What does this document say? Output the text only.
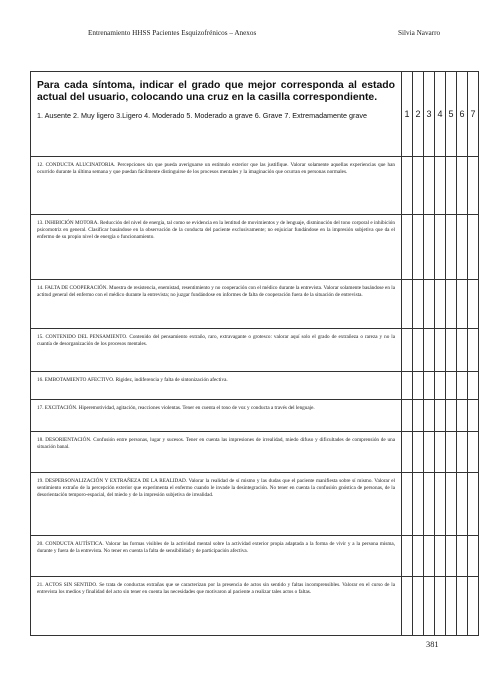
Entrenamiento HHSS Pacientes Esquizofrénicos – Anexos	Silvia Navarro
Para cada síntoma, indicar el grado que mejor corresponda al estado actual del usuario, colocando una cruz en la casilla correspondiente.
1. Ausente 2. Muy ligero 3.Ligero 4. Moderado 5. Moderado a grave 6. Grave 7. Extremadamente grave	1	2	3	4	5	6	7
12. CONDUCTA ALUCINATORIA. Percepciones sin que pueda averiguarse un estímulo exterior que las justifique. Valorar solamente aquellas experiencias que han ocurrido durante la última semana y que puedan fácilmente distinguirse de los procesos mentales y la imaginación que ocurran en personas normales.							
13. INHIBICIÓN MOTORA. Reducción del nivel de energía, tal como se evidencia en la lentitud de movimientos y de lenguaje, disminución del tono corporal e inhibición psicomotriz en general. Clasificar basándose en la observación de la conducta del paciente exclusivamente; no enjuiciar fundándose en la impresión subjetiva que da el enfermo de su propio nivel de energía o funcionamiento.							
14. FALTA DE COOPERACIÓN. Muestra de resistencia, enemistad, resentimiento y no cooperación con el médico durante la entrevista. Valorar solamente basándose en la actitud general del enfermo con el médico durante la entrevista; no juzgar fundándose en informes de falta de cooperación fuera de la situación de entrevista.							
15. CONTENIDO DEL PENSAMIENTO. Contenido del pensamiento extraño, raro, extravagante o grotesco: valorar aquí solo el grado de extrañeza o rareza y no la cuantía de desorganización de los procesos mentales.							
16. EMBOTAMIENTO AFECTIVO. Rigidez, indiferencia y falta de sintonización afectiva.							
17. EXCITACIÓN. Hiperemotividad, agitación, reacciones violentas. Tener en cuenta el tono de voz y conducta a través del lenguaje.							
18. DESORIENTACIÓN. Confusión entre personas, lugar y sucesos. Tener en cuenta las impresiones de irrealidad, miedo difuso y dificultades de comprensión de una situación banal.							
19. DESPERSONALIZACIÓN Y EXTRAÑEZA DE LA REALIDAD. Valorar la realidad de sí mismo y las dudas que el paciente manifiesta sobre sí mismo. Valorar el sentimiento extraño de la percepción exterior que experimenta el enfermo cuando le invade la desintegración. No tener en cuenta la confusión gnóstica de personas, de la desorientación temporo-espacial, del miedo y de la impresión subjetiva de irrealidad.							
20. CONDUCTA AUTÍSTICA. Valorar las formas visibles de la actividad mental sobre la actividad exterior propia adaptada a la forma de vivir y a la persona misma, durante y fuera de la entrevista. No tener en cuenta la falta de sensibilidad y de participación afectiva.							
21. ACTOS SIN SENTIDO. Se trata de conductas extrañas que se caracterizan por la presencia de actos sin sentido y faltas incomprensibles. Valorar en el curso de la entrevista los medios y finalidad del acto sin tener en cuenta las necesidades que motivaron al paciente a realizar tales actos o faltas.							
381
